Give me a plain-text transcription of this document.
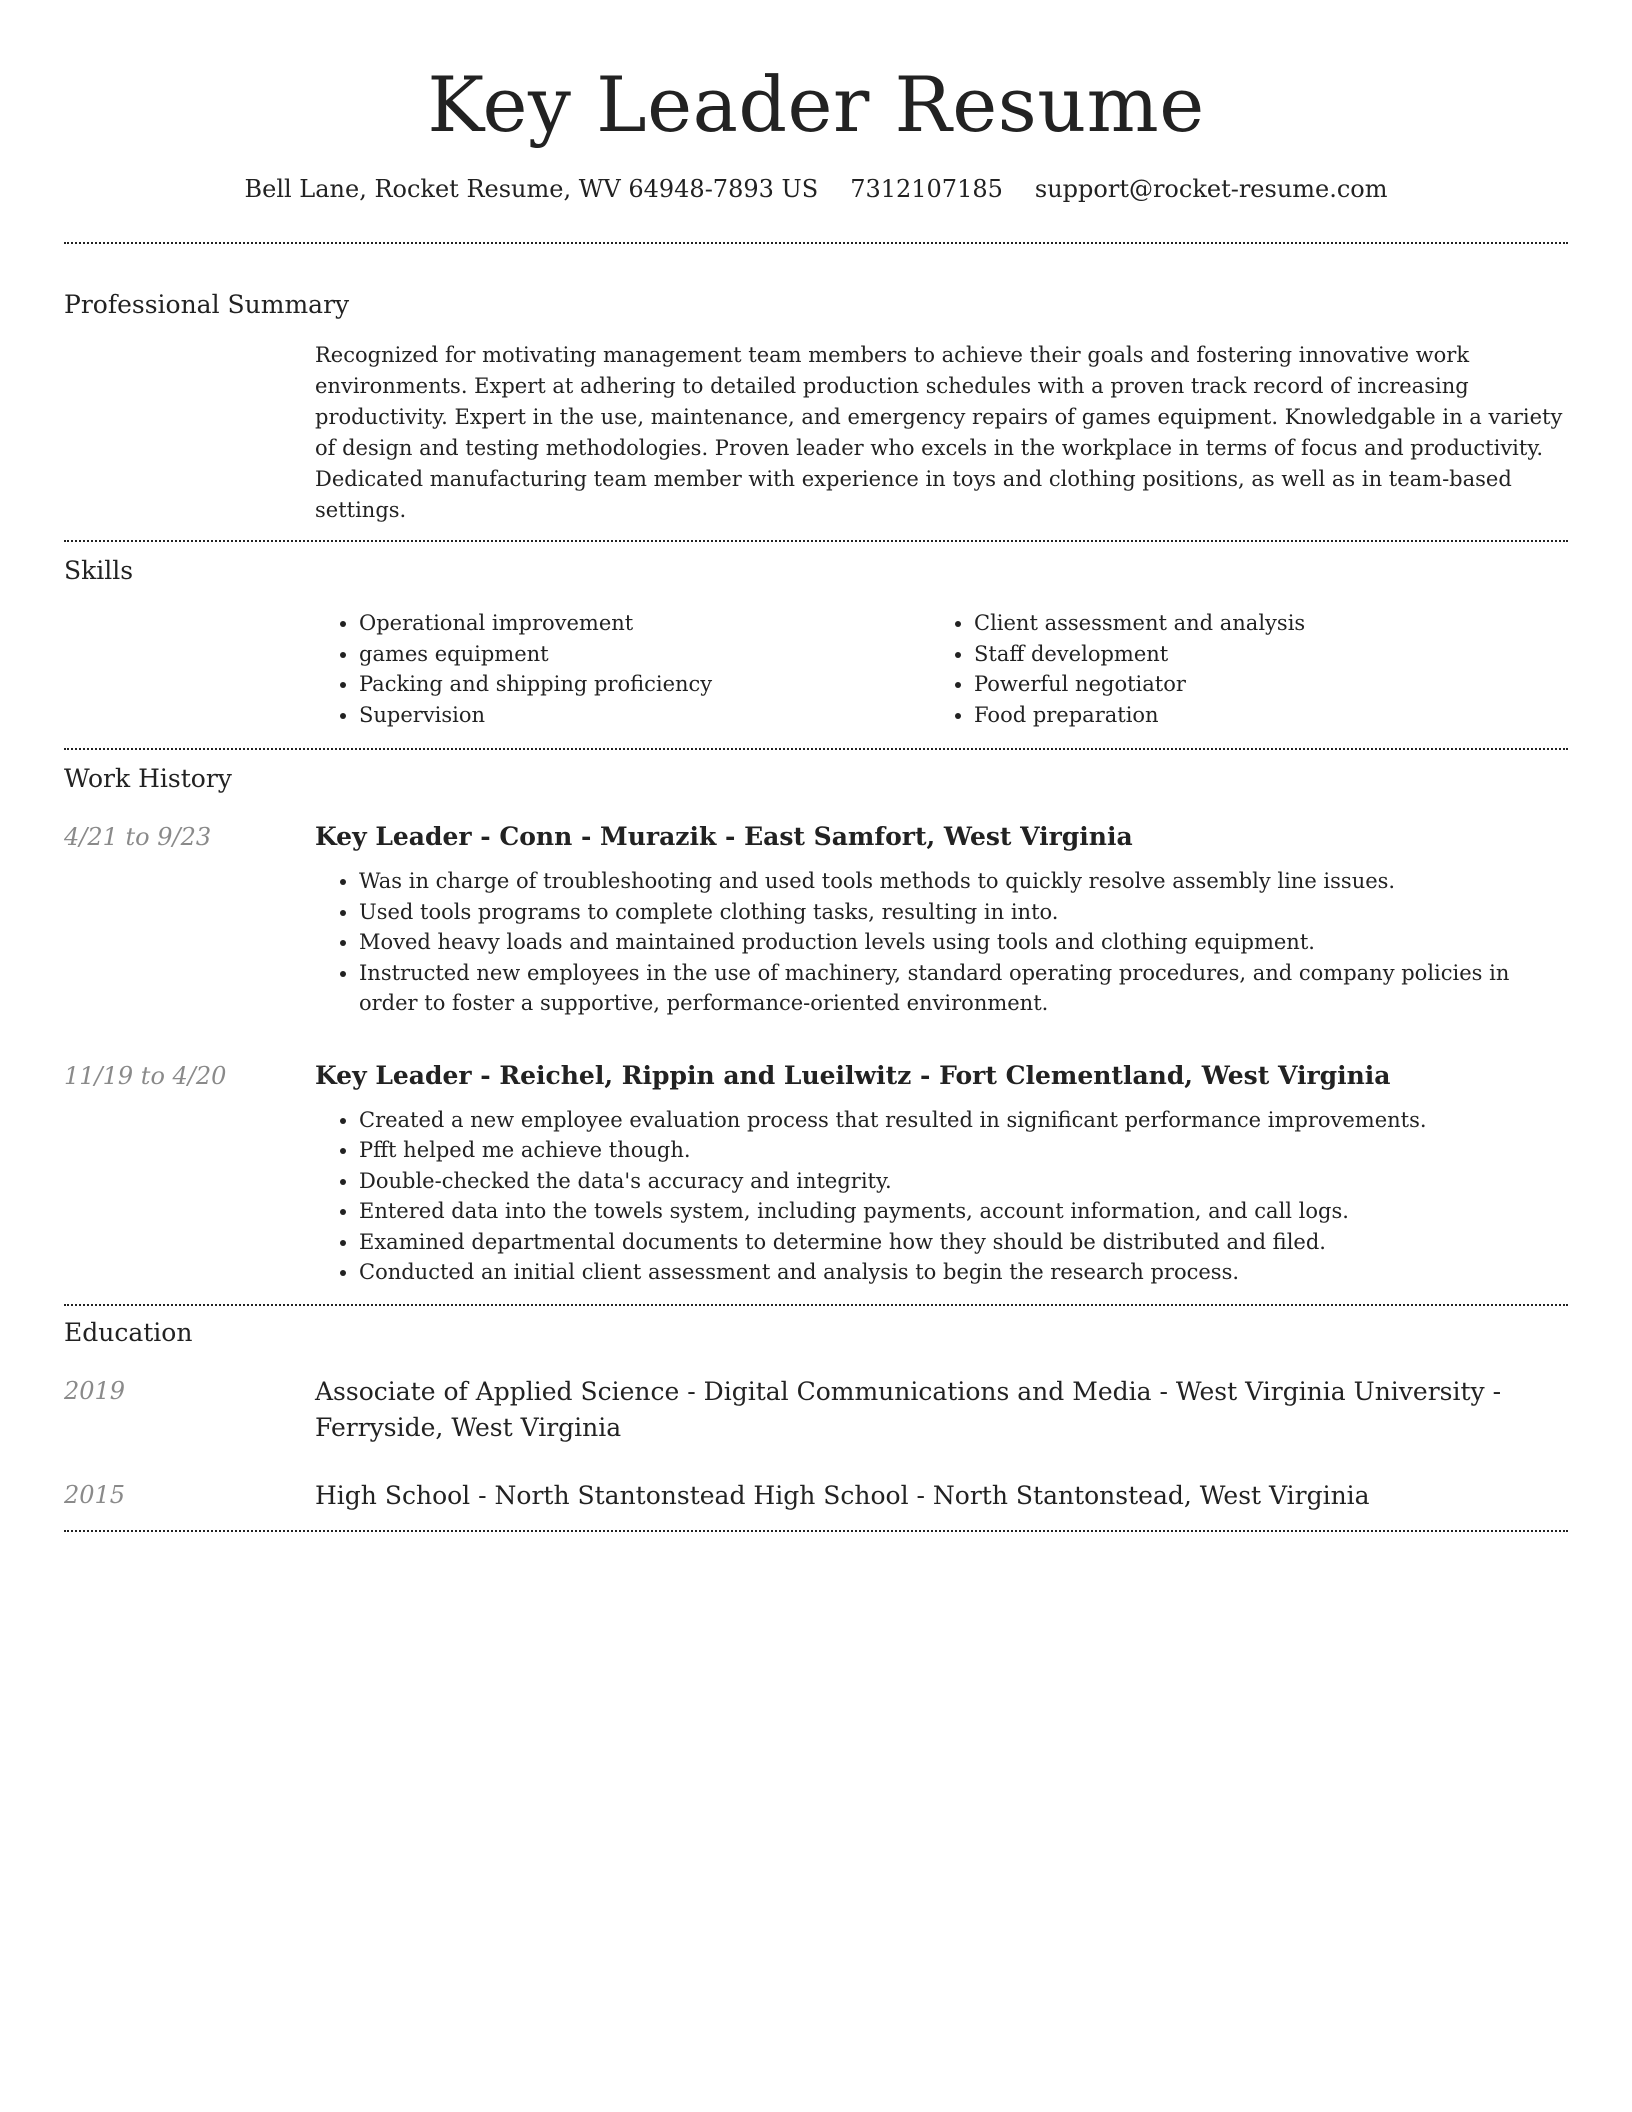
Key Leader Resume
Bell Lane, Rocket Resume, WV 64948-7893 US 7312107185 support@rocket-resume.com
Professional Summary

Recognized for motivating management team members to achieve their goals and fostering innovative work environments. Expert at adhering to detailed production schedules with a proven track record of increasing productivity. Expert in the use, maintenance, and emergency repairs of games equipment. Knowledgable in a variety of design and testing methodologies. Proven leader who excels in the workplace in terms of focus and productivity. Dedicated manufacturing team member with experience in toys and clothing positions, as well as in team-based settings.

Skills
• Operational improvement
• games equipment
• Packing and shipping proficiency
• Supervision
• Client assessment and analysis
• Staff development
• Powerful negotiator
• Food preparation
Work History
4/21 to 9/23	Key Leader - Conn - Murazik - East Samfort, West Virginia
• Was in charge of troubleshooting and used tools methods to quickly resolve assembly line issues.
• Used tools programs to complete clothing tasks, resulting in into.
• Moved heavy loads and maintained production levels using tools and clothing equipment.
• Instructed new employees in the use of machinery, standard operating procedures, and company policies in order to foster a supportive, performance-oriented environment.
11/19 to 4/20	Key Leader - Reichel, Rippin and Lueilwitz - Fort Clementland, West Virginia
• Created a new employee evaluation process that resulted in significant performance improvements.
• Pfft helped me achieve though.
• Double-checked the data's accuracy and integrity.
• Entered data into the towels system, including payments, account information, and call logs.
• Examined departmental documents to determine how they should be distributed and filed.
• Conducted an initial client assessment and analysis to begin the research process.
Education
2019	Associate of Applied Science - Digital Communications and Media - West Virginia University - Ferryside, West Virginia
2015	High School - North Stantonstead High School - North Stantonstead, West Virginia
